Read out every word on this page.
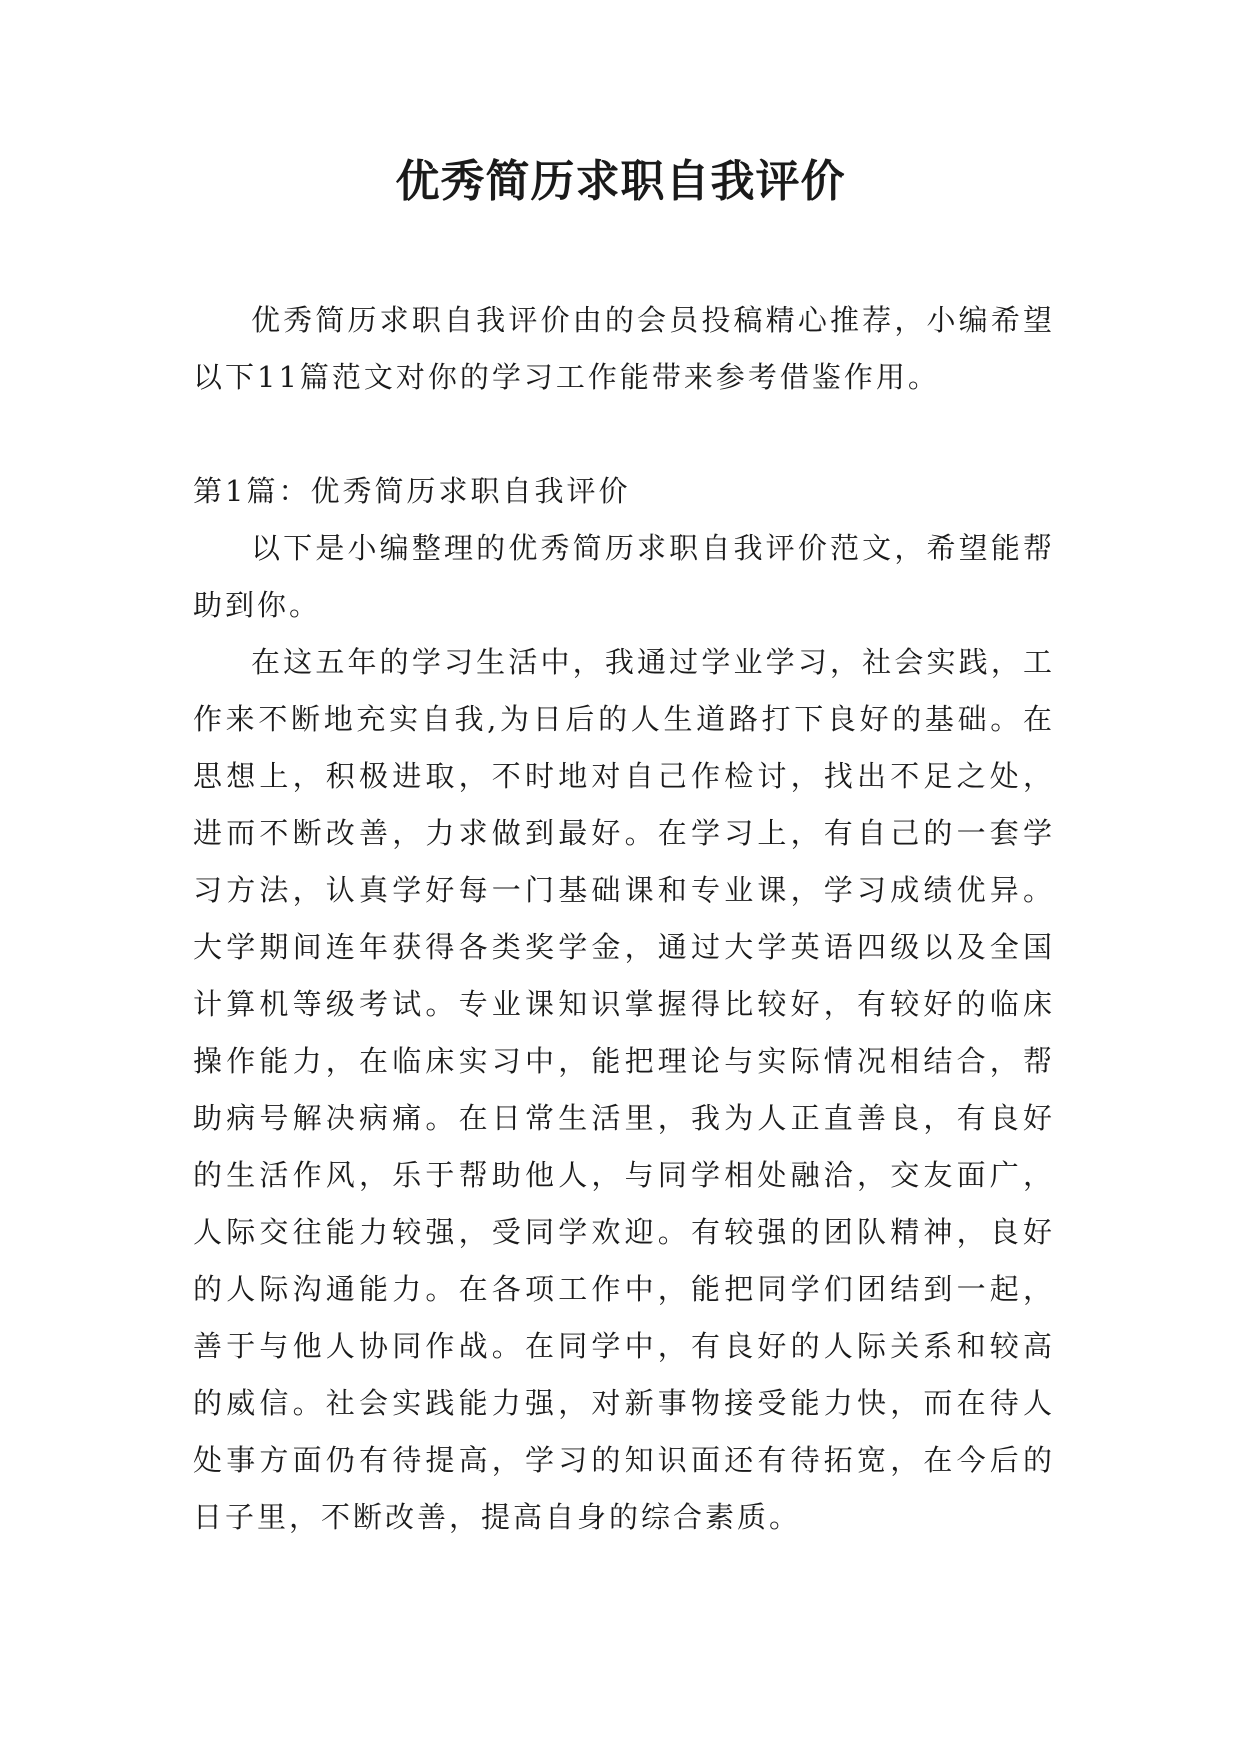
优秀简历求职自我评价

优秀简历求职自我评价由的会员投稿精心推荐，小编希望以下11篇范文对你的学习工作能带来参考借鉴作用。

第1篇：优秀简历求职自我评价

以下是小编整理的优秀简历求职自我评价范文，希望能帮助到你。

在这五年的学习生活中，我通过学业学习，社会实践，工作来不断地充实自我,为日后的人生道路打下良好的基础。在思想上，积极进取，不时地对自己作检讨，找出不足之处，进而不断改善，力求做到最好。在学习上，有自己的一套学习方法，认真学好每一门基础课和专业课，学习成绩优异。大学期间连年获得各类奖学金，通过大学英语四级以及全国计算机等级考试。专业课知识掌握得比较好，有较好的临床操作能力，在临床实习中，能把理论与实际情况相结合，帮助病号解决病痛。在日常生活里，我为人正直善良，有良好的生活作风，乐于帮助他人，与同学相处融洽，交友面广，人际交往能力较强，受同学欢迎。有较强的团队精神，良好的人际沟通能力。在各项工作中，能把同学们团结到一起，善于与他人协同作战。在同学中，有良好的人际关系和较高的威信。社会实践能力强，对新事物接受能力快，而在待人处事方面仍有待提高，学习的知识面还有待拓宽，在今后的日子里，不断改善，提高自身的综合素质。
